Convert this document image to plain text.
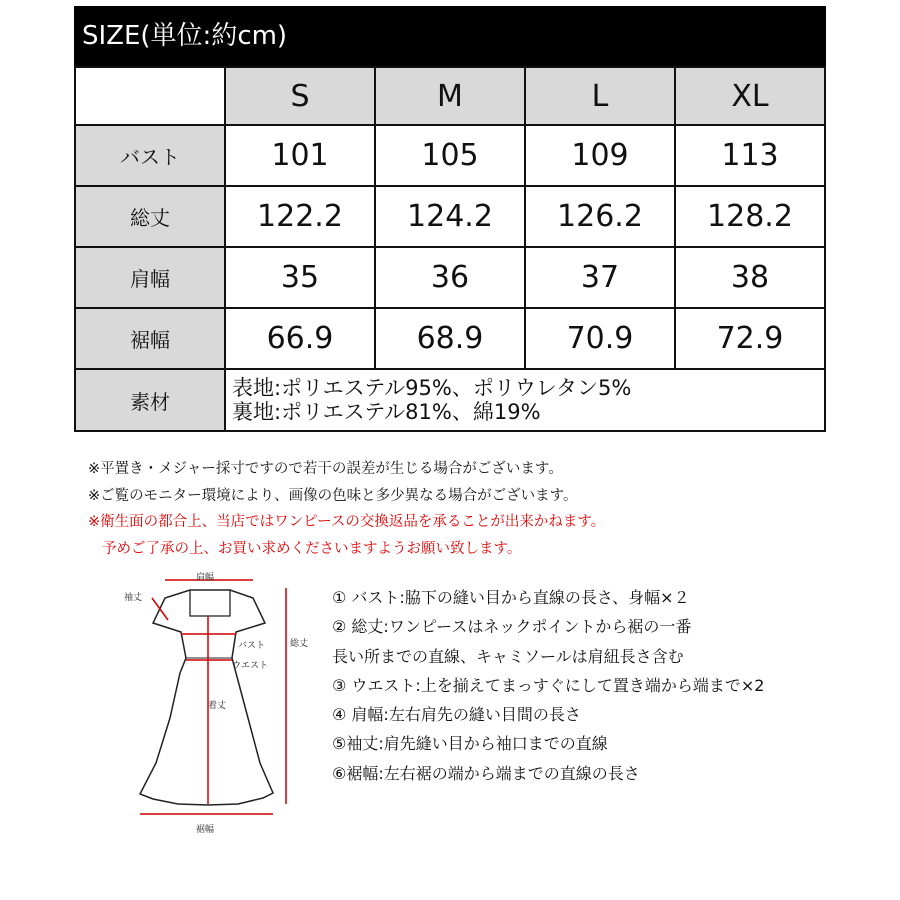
SIZE(単位:約cm)
	S	M	L	XL
バスト	101	105	109	113
総丈	122.2	124.2	126.2	128.2
肩幅	35	36	37	38
裾幅	66.9	68.9	70.9	72.9
素材	表地:ポリエステル95%、ポリウレタン5%
裏地:ポリエステル81%、綿19%			
※平置き・メジャー採寸ですので若干の誤差が生じる場合がございます。
※ご覧のモニター環境により、画像の色味と多少異なる場合がございます。
※衛生面の都合上、当店ではワンピースの交換返品を承ることが出来かねます。
予めご了承の上、お買い求めくださいますようお願い致します。
肩幅
袖丈
バスト
ウエスト
着丈
総丈
裾幅
① バスト:脇下の縫い目から直線の長さ、身幅×２
② 総丈:ワンピースはネックポイントから裾の一番
長い所までの直線、キャミソールは肩紐長さ含む
③ ウエスト:上を揃えてまっすぐにして置き端から端まで×2
④ 肩幅:左右肩先の縫い目間の長さ
⑤袖丈:肩先縫い目から袖口までの直線
⑥裾幅:左右裾の端から端までの直線の長さ
